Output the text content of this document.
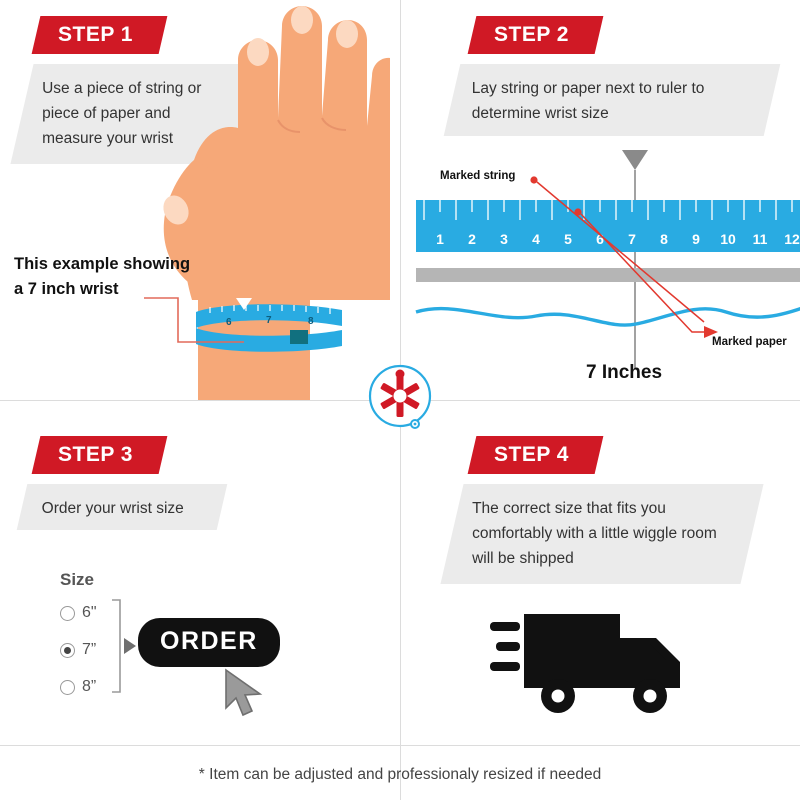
STEP 1
Use a piece of string or piece of paper and measure your wrist
6	7	8
This example showing
a 7 inch wrist
STEP 2
Lay string or paper next to ruler to determine wrist size
1 2 3 4 5 6 7 8 9 10 11 12
Marked string
Marked paper
7 Inches
STEP 3
Order your wrist size
Size
6"
7”
8”
ORDER
STEP 4
The correct size that fits you comfortably with a little wiggle room will be shipped
* Item can be adjusted and professionaly resized if needed
